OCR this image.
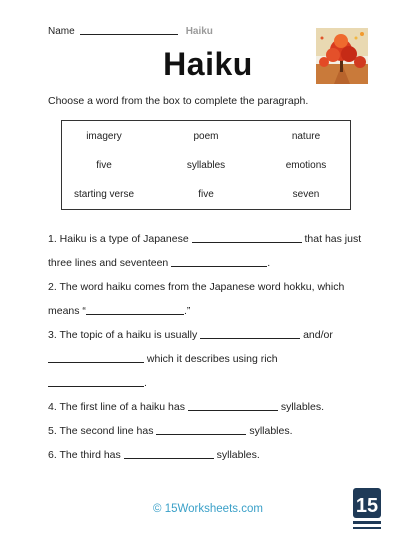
Name	Haiku
Haiku
Choose a word from the box to complete the paragraph.
imagery	poem	nature
five	syllables	emotions
starting verse	five	seven
1. Haiku is a type of Japanese	that has just
three lines and seventeen	.
2. The word haiku comes from the Japanese word hokku, which
means “	.”
3. The topic of a haiku is usually	and/or
which it describes using rich
.
4. The first line of a haiku has	syllables.
5. The second line has	syllables.
6. The third has	syllables.
© 15Worksheets.com	15
